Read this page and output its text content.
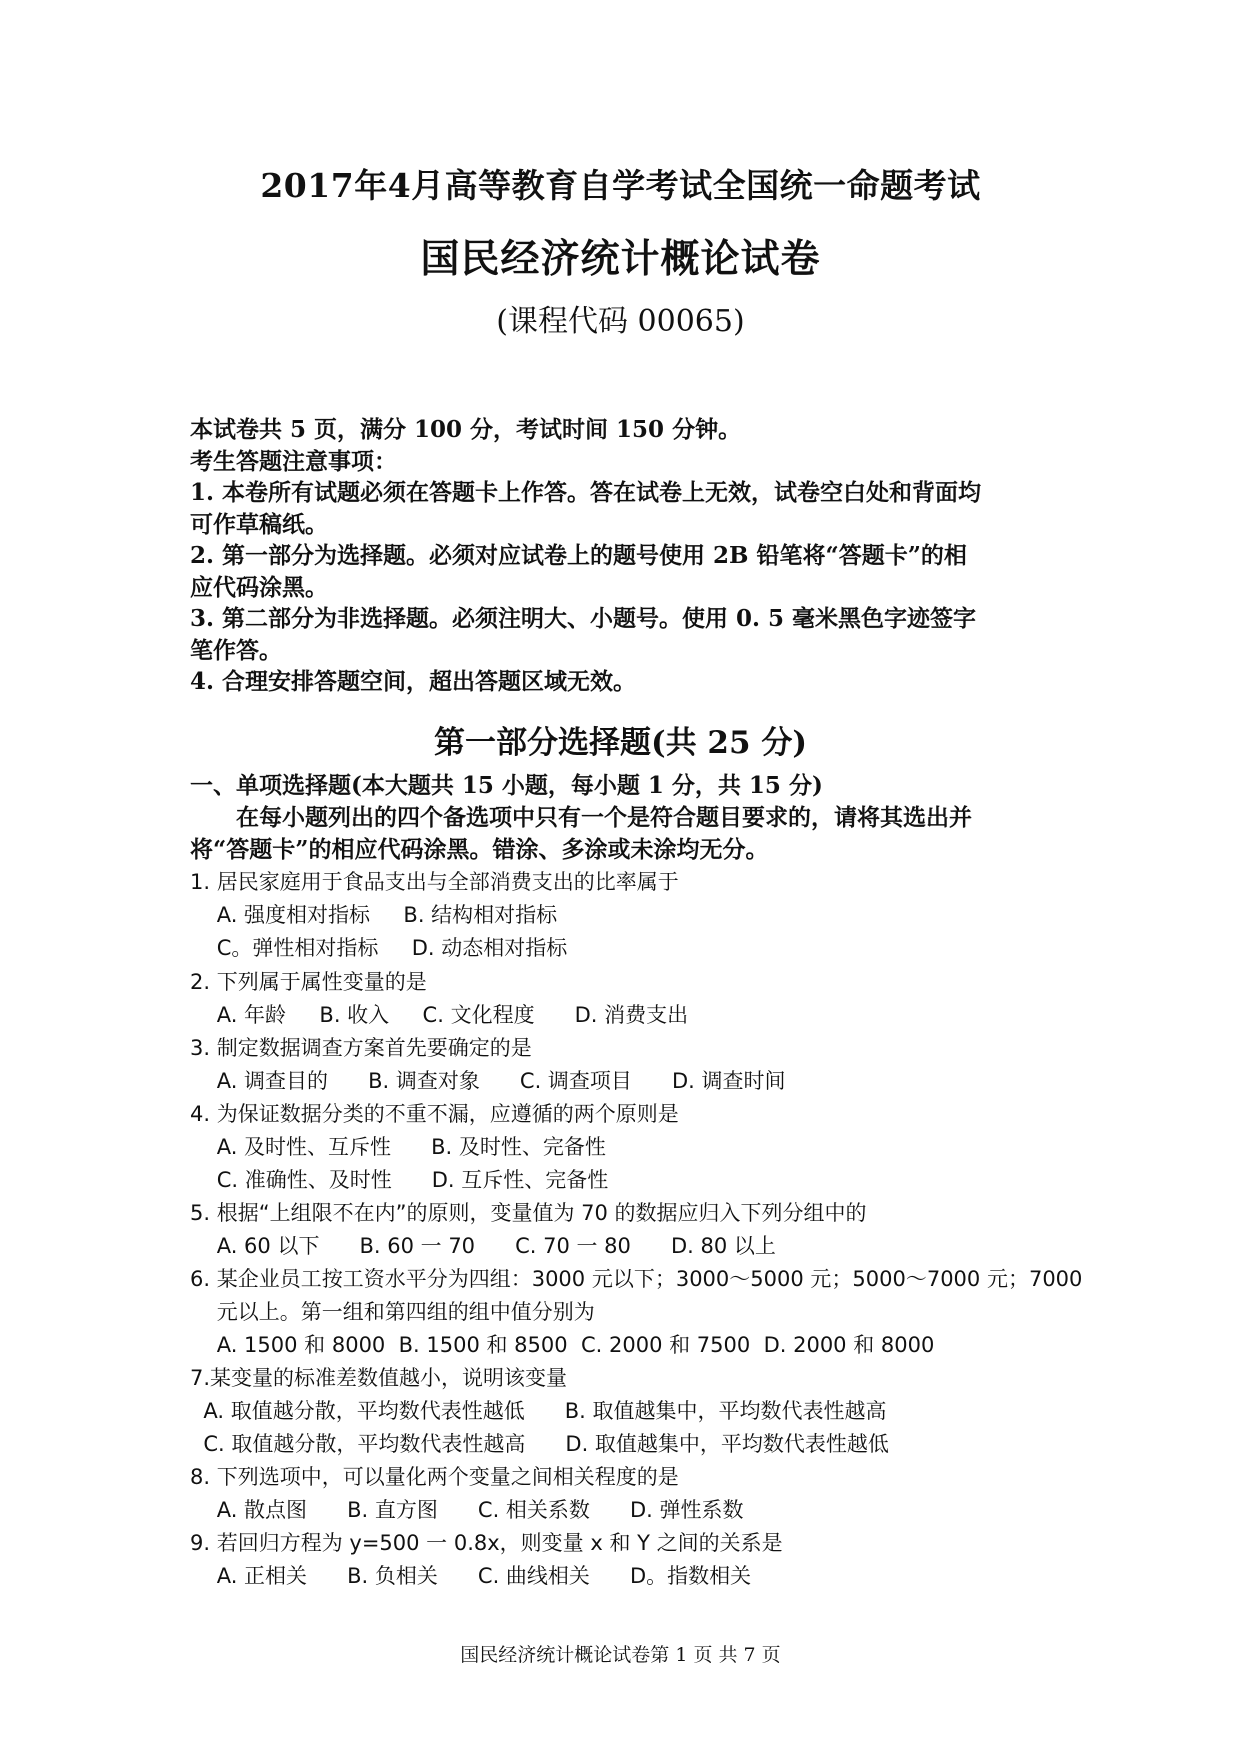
2017年4月高等教育自学考试全国统一命题考试
国民经济统计概论试卷
(课程代码 00065)

本试卷共 5 页，满分 100 分，考试时间 150 分钟。

考生答题注意事项：

1. 本卷所有试题必须在答题卡上作答。答在试卷上无效，试卷空白处和背面均

可作草稿纸。

2. 第一部分为选择题。必须对应试卷上的题号使用 2B 铅笔将“答题卡”的相

应代码涂黑。

3. 第二部分为非选择题。必须注明大、小题号。使用 0. 5 毫米黑色字迹签字

笔作答。

4. 合理安排答题空间，超出答题区域无效。

第一部分选择题(共 25 分)

一、单项选择题(本大题共 15 小题，每小题 1 分，共 15 分)

在每小题列出的四个备选项中只有一个是符合题目要求的，请将其选出并

将“答题卡”的相应代码涂黑。错涂、多涂或未涂均无分。

1. 居民家庭用于食品支出与全部消费支出的比率属于
A. 强度相对指标     B. 结构相对指标
C。弹性相对指标     D. 动态相对指标
2. 下列属于属性变量的是
A. 年龄     B. 收入     C. 文化程度      D. 消费支出
3. 制定数据调查方案首先要确定的是
A. 调查目的      B. 调查对象      C. 调查项目      D. 调查时间
4. 为保证数据分类的不重不漏，应遵循的两个原则是
A. 及时性、互斥性      B. 及时性、完备性
C. 准确性、及时性      D. 互斥性、完备性
5. 根据“上组限不在内”的原则，变量值为 70 的数据应归入下列分组中的
A. 60 以下      B. 60 一 70      C. 70 一 80      D. 80 以上
6. 某企业员工按工资水平分为四组：3000 元以下；3000～5000 元；5000～7000 元；7000
元以上。第一组和第四组的组中值分别为
A. 1500 和 8000  B. 1500 和 8500  C. 2000 和 7500  D. 2000 和 8000
7.某变量的标准差数值越小，说明该变量
A. 取值越分散，平均数代表性越低      B. 取值越集中，平均数代表性越高
C. 取值越分散，平均数代表性越高      D. 取值越集中，平均数代表性越低
8. 下列选项中，可以量化两个变量之间相关程度的是
A. 散点图      B. 直方图      C. 相关系数      D. 弹性系数
9. 若回归方程为 y=500 一 0.8x，则变量 x 和 Y 之间的关系是
A. 正相关      B. 负相关      C. 曲线相关      D。指数相关
国民经济统计概论试卷第 1 页 共 7 页
